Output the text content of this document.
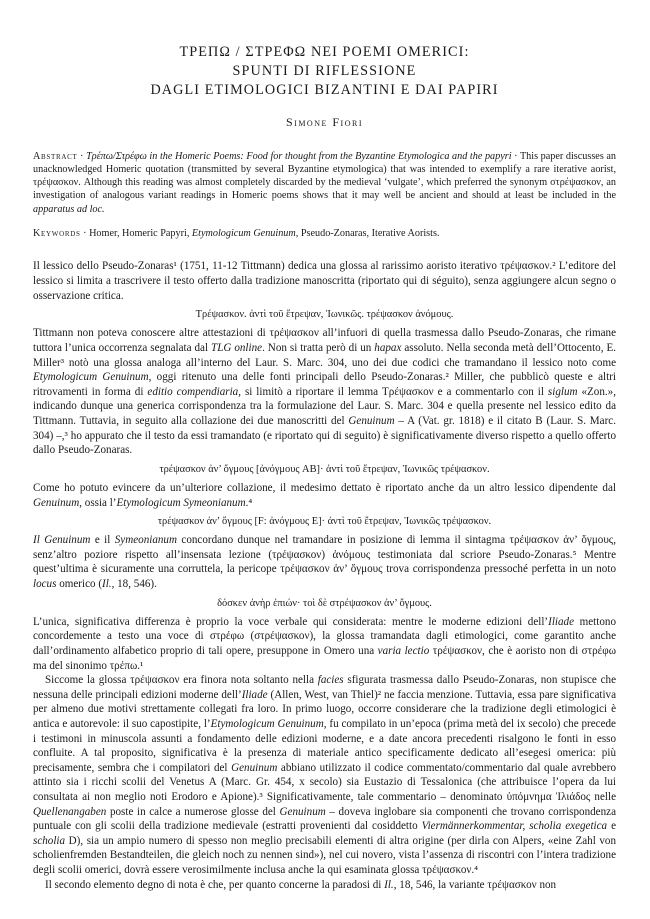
ΤΡΕΠΩ / ΣΤΡΕΦΩ NEI POEMI OMERICI:
SPUNTI DI RIFLESSIONE
DAGLI ETIMOLOGICI BIZANTINI E DAI PAPIRI
Simone Fiori

Abstract · Τρέπω/Στρέφω in the Homeric Poems: Food for thought from the Byzantine Etymologica and the papyri · This paper discusses an unacknowledged Homeric quotation (transmitted by several Byzantine etymologica) that was intended to exemplify a rare iterative aorist, τρέψασκον. Although this reading was almost completely discarded by the medieval ‘vulgate’, which preferred the synonym στρέψασκον, an investigation of analogous variant readings in Homeric poems shows that it may well be ancient and should at least be included in the apparatus ad loc.

Keywords · Homer, Homeric Papyri, Etymologicum Genuinum, Pseudo-Zonaras, Iterative Aorists.

Il lessico dello Pseudo-Zonaras¹ (1751, 11-12 Tittmann) dedica una glossa al rarissimo aoristo iterativo τρέψασκον.² L’editore del lessico si limita a trascrivere il testo offerto dalla tradizione manoscritta (riportato qui di séguito), senza aggiungere alcun segno o osservazione critica.

Τρέψασκον. ἀντὶ τοῦ ἔτρεψαν, Ἰωνικῶς. τρέψασκον ἀνόμους.

Tittmann non poteva conoscere altre attestazioni di τρέψασκον all’infuori di quella trasmessa dallo Pseudo-Zonaras, che rimane tuttora l’unica occorrenza segnalata dal TLG online. Non si tratta però di un hapax assoluto. Nella seconda metà dell’Ottocento, E. Miller³ notò una glossa analoga all’interno del Laur. S. Marc. 304, uno dei due codici che tramandano il lessico noto come Etymologicum Genuinum, oggi ritenuto una delle fonti principali dello Pseudo-Zonaras.² Miller, che pubblicò queste e altri ritrovamenti in forma di editio compendiaria, si limitò a riportare il lemma Τρέψασκον e a commentarlo con il siglum «Zon.», indicando dunque una generica corrispondenza tra la formulazione del Laur. S. Marc. 304 e quella presente nel lessico edito da Tittmann. Tuttavia, in seguito alla collazione dei due manoscritti del Genuinum – A (Vat. gr. 1818) e il citato B (Laur. S. Marc. 304) –,³ ho appurato che il testo da essi tramandato (e riportato qui di seguito) è significativamente diverso rispetto a quello offerto dallo Pseudo-Zonaras.

τρέψασκον ἀν’ ὄγμους [ἀνόγμους AB]· ἀντὶ τοῦ ἔτρεψαν, Ἰωνικῶς τρέψασκον.

Come ho potuto evincere da un’ulteriore collazione, il medesimo dettato è riportato anche da un altro lessico dipendente dal Genuinum, ossia l’Etymologicum Symeonianum.⁴

τρέψασκον ἀν’ ὄγμους [F: ἀνόγμους E]· ἀντὶ τοῦ ἔτρεψαν, Ἰωνικῶς τρέψασκον.

Il Genuinum e il Symeonianum concordano dunque nel tramandare in posizione di lemma il sintagma τρέψασκον ἀν’ ὄγμους, senz’altro poziore rispetto all’insensata lezione (τρέψασκον) ἀνόμους testimoniata dal scriore Pseudo-Zonaras.⁵ Mentre quest’ultima è sicuramente una corruttela, la pericope τρέψασκον ἀν’ ὄγμους trova corrispondenza pressoché perfetta in un noto locus omerico (Il., 18, 546).

δόσκεν ἀνὴρ ἐπιών· τοὶ δὲ στρέψασκον ἀν’ ὄγμους.

L’unica, significativa differenza è proprio la voce verbale qui considerata: mentre le moderne edizioni dell’Iliade mettono concordemente a testo una voce di στρέφω (στρέψασκον), la glossa tramandata dagli etimologici, come garantito anche dall’ordinamento alfabetico proprio di tali opere, presuppone in Omero una varia lectio τρέψασκον, che è aoristo non di στρέφω ma del sinonimo τρέπω.¹

Siccome la glossa τρέψασκον era finora nota soltanto nella facies sfigurata trasmessa dallo Pseudo-Zonaras, non stupisce che nessuna delle principali edizioni moderne dell’Iliade (Allen, West, van Thiel)² ne faccia menzione. Tuttavia, essa pare significativa per almeno due motivi strettamente collegati fra loro. In primo luogo, occorre considerare che la tradizione degli etimologici è antica e autorevole: il suo capostipite, l’Etymologicum Genuinum, fu compilato in un’epoca (prima metà del ix secolo) che precede i testimoni in minuscola assunti a fondamento delle edizioni moderne, e a date ancora precedenti risalgono le fonti in esso confluite. A tal proposito, significativa è la presenza di materiale antico specificamente dedicato all’esegesi omerica: più precisamente, sembra che i compilatori del Genuinum abbiano utilizzato il codice commentato/commentario dal quale avrebbero attinto sia i ricchi scolii del Venetus A (Marc. Gr. 454, x secolo) sia Eustazio di Tessalonica (che attribuisce l’opera da lui consultata ai non meglio noti Erodoro e Apione).³ Significativamente, tale commentario – denominato ὑπόμνημα Ἰλιάδος nelle Quellenangaben poste in calce a numerose glosse del Genuinum – doveva inglobare sia componenti che trovano corrispondenza puntuale con gli scolii della tradizione medievale (estratti provenienti dal cosiddetto Viermännerkommentar, scholia exegetica e scholia D), sia un ampio numero di spesso non meglio precisabili elementi di altra origine (per dirla con Alpers, «eine Zahl von scholienfremden Bestandteilen, die gleich noch zu nennen sind»), nel cui novero, vista l’assenza di riscontri con l’intera tradizione degli scolii omerici, dovrà essere verosimilmente inclusa anche la qui esaminata glossa τρέψασκον.⁴

Il secondo elemento degno di nota è che, per quanto concerne la paradosi di Il., 18, 546, la variante τρέψασκον non
